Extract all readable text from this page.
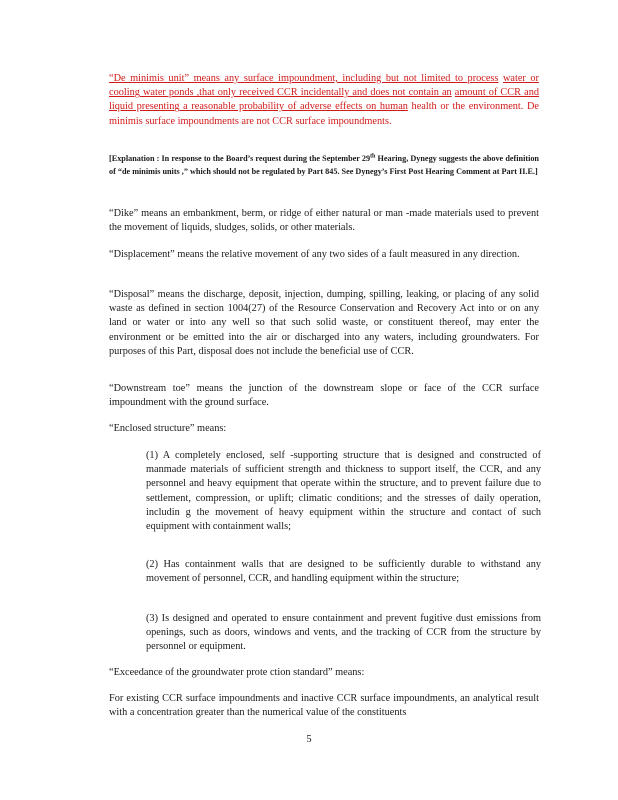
“De minimis unit” means any surface impoundment, including but not limited to process water or cooling water ponds ,that only received CCR incidentally and does not contain an amount of CCR and liquid presenting a reasonable probability of adverse effects on human health or the environment. De minimis surface impoundments are not CCR surface impoundments.
[Explanation : In response to the Board’s request during the September 29th Hearing, Dynegy suggests the above definition of “de minimis units ,” which should not be regulated by Part 845. See Dynegy’s First Post Hearing Comment at Part II.E.]

“Dike” means an embankment, berm, or ridge of either natural or man -made materials used to prevent the movement of liquids, sludges, solids, or other materials.

“Displacement” means the relative movement of any two sides of a fault measured in any direction.

“Disposal” means the discharge, deposit, injection, dumping, spilling, leaking, or placing of any solid waste as defined in section 1004(27) of the Resource Conservation and Recovery Act into or on any land or water or into any well so that such solid waste, or constituent thereof, may enter the environment or be emitted into the air or discharged into any waters, including groundwaters. For purposes of this Part, disposal does not include the beneficial use of CCR.

“Downstream toe” means the junction of the downstream slope or face of the CCR surface impoundment with the ground surface.

“Enclosed structure” means:

(1) A completely enclosed, self -supporting structure that is designed and constructed of manmade materials of sufficient strength and thickness to support itself, the CCR, and any personnel and heavy equipment that operate within the structure, and to prevent failure due to settlement, compression, or uplift; climatic conditions; and the stresses of daily operation, includin g the movement of heavy equipment within the structure and contact of such equipment with containment walls;

(2) Has containment walls that are designed to be sufficiently durable to withstand any movement of personnel, CCR, and handling equipment within the structure;

(3) Is designed and operated to ensure containment and prevent fugitive dust emissions from openings, such as doors, windows and vents, and the tracking of CCR from the structure by personnel or equipment.

“Exceedance of the groundwater prote ction standard” means:

For existing CCR surface impoundments and inactive CCR surface impoundments, an analytical result with a concentration greater than the numerical value of the constituents

5
